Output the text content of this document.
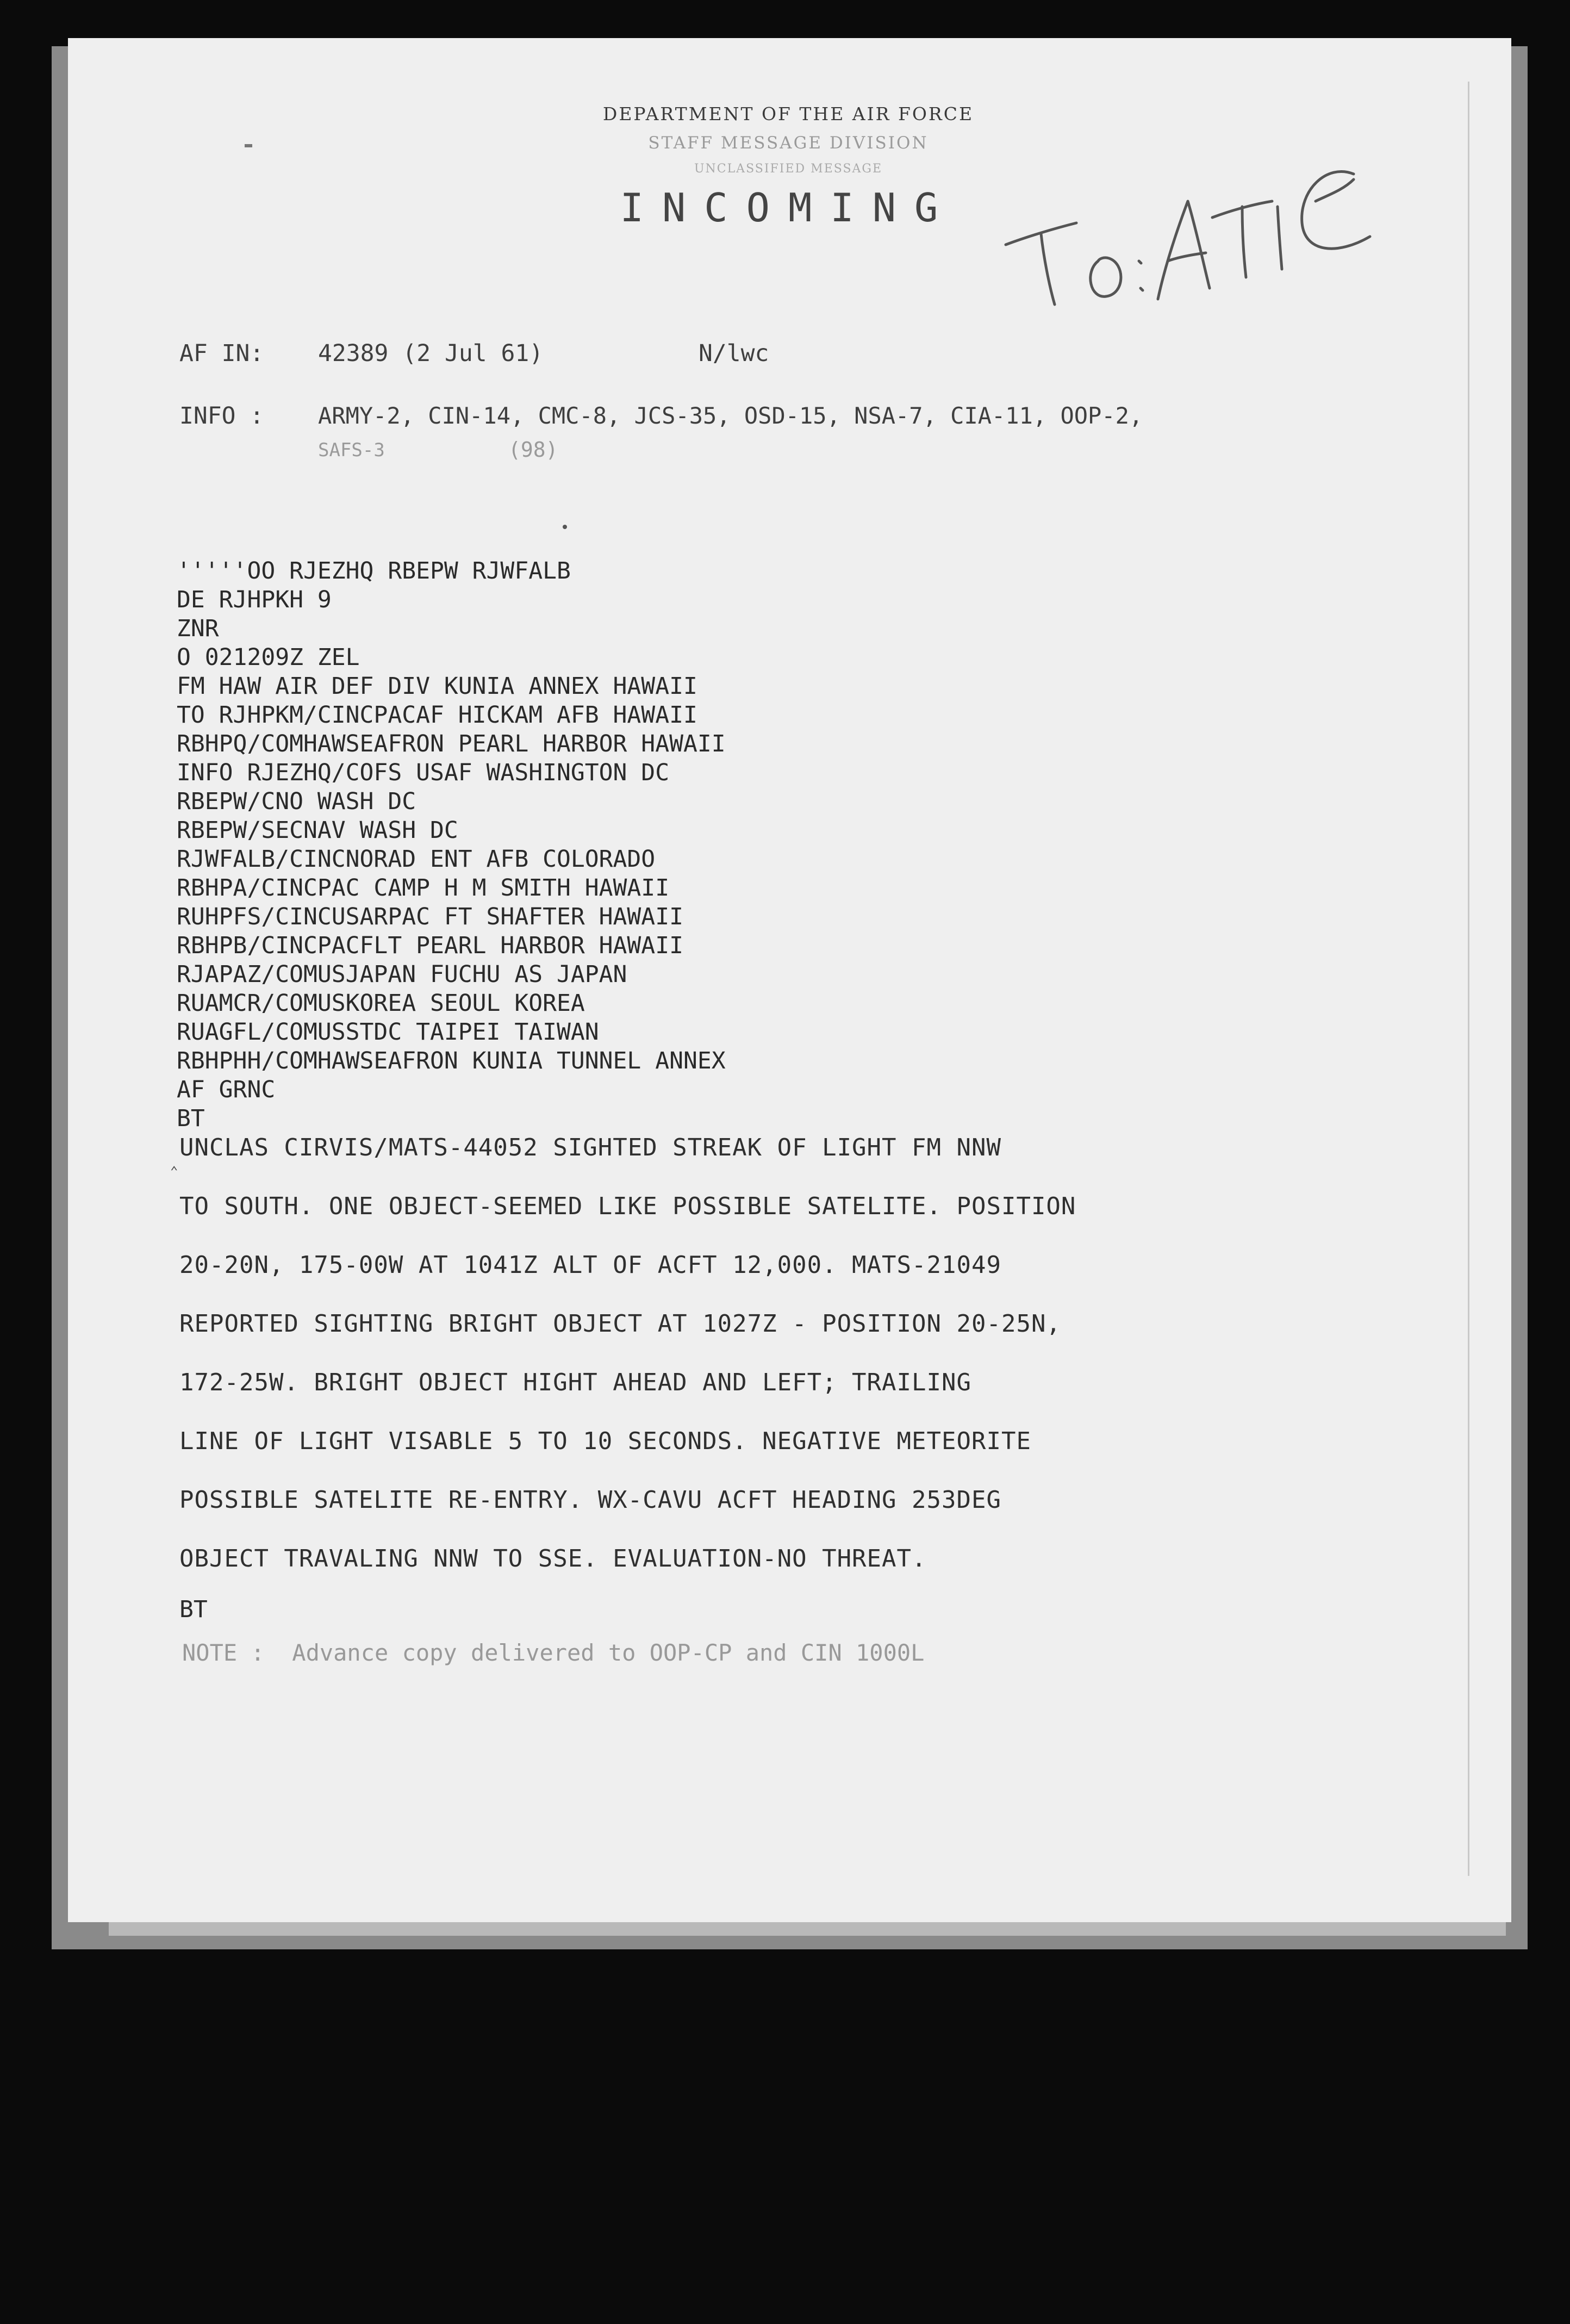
DEPARTMENT OF THE AIR FORCE
STAFF MESSAGE DIVISION
UNCLASSIFIED MESSAGE
INCOMING
AF IN: 42389 (2 Jul 61)	N/lwc
INFO : ARMY-2, CIN-14, CMC-8, JCS-35, OSD-15, NSA-7, CIA-11, OOP-2,
SAFS-3	(98)
'''''OO RJEZHQ RBEPW RJWFALB
DE RJHPKH 9
ZNR
O 021209Z ZEL
FM HAW AIR DEF DIV KUNIA ANNEX HAWAII
TO RJHPKM/CINCPACAF HICKAM AFB HAWAII
RBHPQ/COMHAWSEAFRON PEARL HARBOR HAWAII
INFO RJEZHQ/COFS USAF WASHINGTON DC
RBEPW/CNO WASH DC
RBEPW/SECNAV WASH DC
RJWFALB/CINCNORAD ENT AFB COLORADO
RBHPA/CINCPAC CAMP H M SMITH HAWAII
RUHPFS/CINCUSARPAC FT SHAFTER HAWAII
RBHPB/CINCPACFLT PEARL HARBOR HAWAII
RJAPAZ/COMUSJAPAN FUCHU AS JAPAN
RUAMCR/COMUSKOREA SEOUL KOREA
RUAGFL/COMUSSTDC TAIPEI TAIWAN
RBHPHH/COMHAWSEAFRON KUNIA TUNNEL ANNEX
AF GRNC
BT
⌃
UNCLAS CIRVIS/MATS-44052 SIGHTED STREAK OF LIGHT FM NNW
TO SOUTH. ONE OBJECT-SEEMED LIKE POSSIBLE SATELITE. POSITION
20-20N, 175-00W AT 1041Z ALT OF ACFT 12,000. MATS-21049
REPORTED SIGHTING BRIGHT OBJECT AT 1027Z - POSITION 20-25N,
172-25W. BRIGHT OBJECT HIGHT AHEAD AND LEFT; TRAILING
LINE OF LIGHT VISABLE 5 TO 10 SECONDS. NEGATIVE METEORITE
POSSIBLE SATELITE RE-ENTRY. WX-CAVU ACFT HEADING 253DEG
OBJECT TRAVALING NNW TO SSE. EVALUATION-NO THREAT.
BT
NOTE :  Advance copy delivered to OOP-CP and CIN 1000L
